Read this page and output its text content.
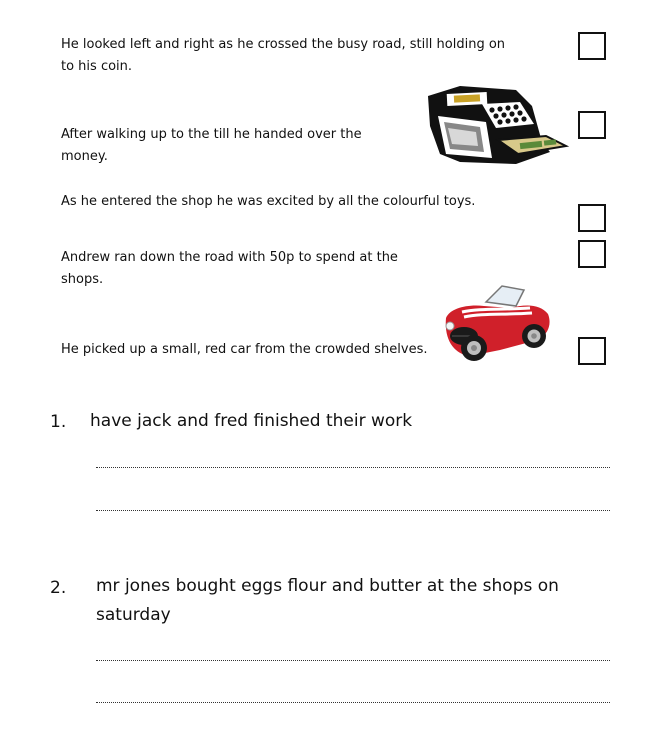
He looked left and right as he crossed the busy road, still holding on to his coin.
After walking up to the till he handed over the money.
As he entered the shop he was excited by all the colourful toys.
Andrew ran down the road with 50p to spend at the shops.
He picked up a small, red car from the crowded shelves.
1. have jack and fred finished their work
2. mr jones bought eggs flour and butter at the shops on saturday
